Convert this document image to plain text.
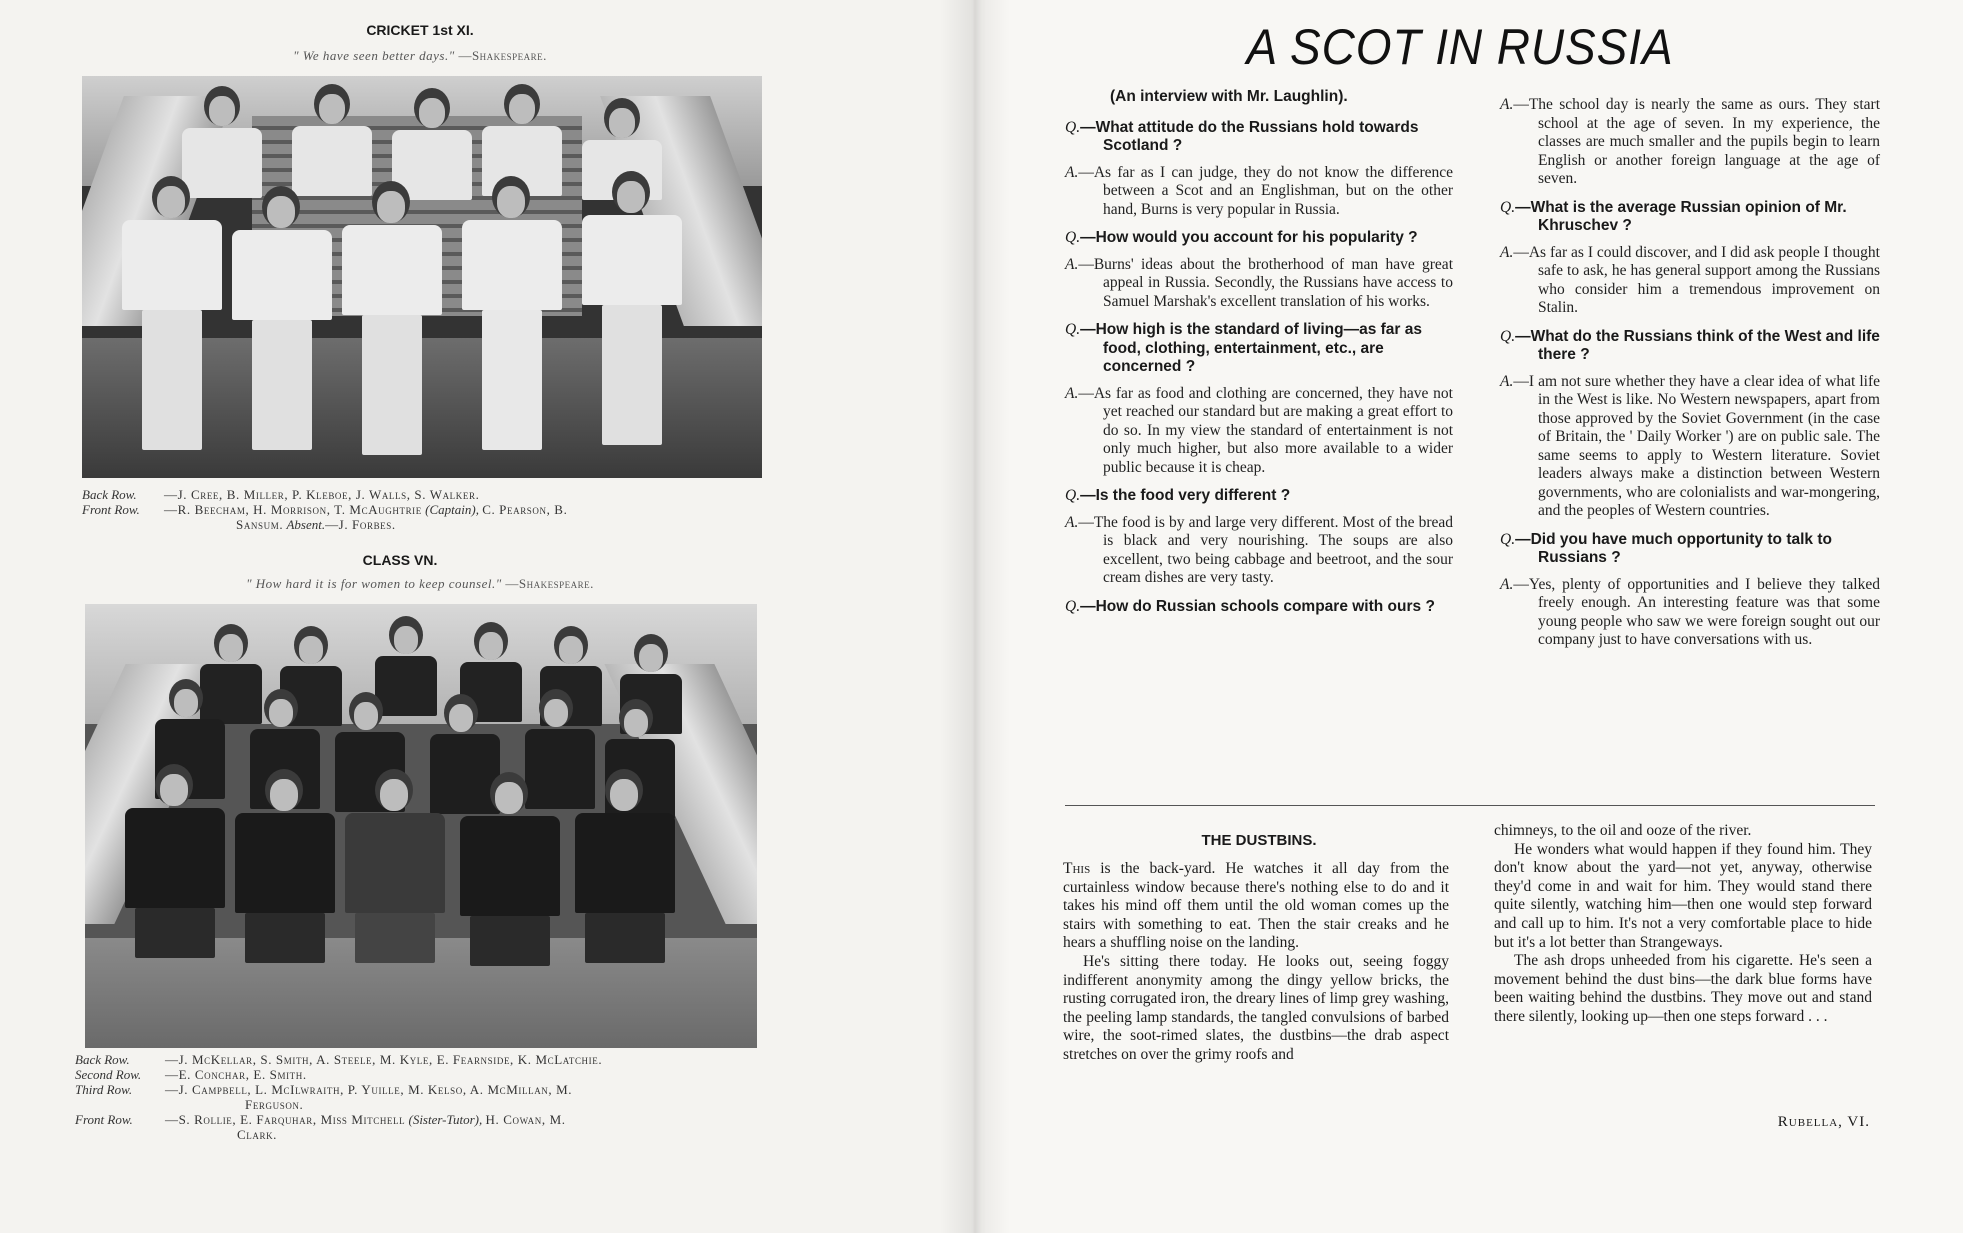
CRICKET 1st XI.
" We have seen better days." —Shakespeare.
Back Row. —J. Cree, B. Miller, P. Kleboe, J. Walls, S. Walker.
Front Row. —R. Beecham, H. Morrison, T. McAughtrie (Captain), C. Pearson, B.
Sansum. Absent.—J. Forbes.
CLASS VN.
" How hard it is for women to keep counsel." —Shakespeare.
Back Row.	—J. McKellar, S. Smith, A. Steele, M. Kyle, E. Fearnside, K. McLatchie.
Second Row. —E. Conchar, E. Smith.
Third Row.	—J. Campbell, L. McIlwraith, P. Yuille, M. Kelso, A. McMillan, M.
Ferguson.
Front Row. —S. Rollie, E. Farquhar, Miss Mitchell (Sister-Tutor), H. Cowan, M.
Clark.
A SCOT IN RUSSIA
(An interview with Mr. Laughlin).
Q.—What attitude do the Russians hold towards Scotland ?
A.—As far as I can judge, they do not know the difference between a Scot and an Englishman, but on the other hand, Burns is very popular in Russia.
Q.—How would you account for his popularity ?
A.—Burns' ideas about the brotherhood of man have great appeal in Russia. Secondly, the Russians have access to Samuel Marshak's excellent translation of his works.
Q.—How high is the standard of living—as far as food, clothing, entertainment, etc., are concerned ?
A.—As far as food and clothing are concerned, they have not yet reached our standard but are making a great effort to do so. In my view the standard of entertainment is not only much higher, but also more available to a wider public because it is cheap.
Q.—Is the food very different ?
A.—The food is by and large very different. Most of the bread is black and very nourishing. The soups are also excellent, two being cabbage and beetroot, and the sour cream dishes are very tasty.
Q.—How do Russian schools compare with ours ?
A.—The school day is nearly the same as ours. They start school at the age of seven. In my experience, the classes are much smaller and the pupils begin to learn English or another foreign language at the age of seven.
Q.—What is the average Russian opinion of Mr. Khruschev ?
A.—As far as I could discover, and I did ask people I thought safe to ask, he has general support among the Russians who consider him a tremendous improvement on Stalin.
Q.—What do the Russians think of the West and life there ?
A.—I am not sure whether they have a clear idea of what life in the West is like. No Western newspapers, apart from those approved by the Soviet Government (in the case of Britain, the ' Daily Worker ') are on public sale. The same seems to apply to Western literature. Soviet leaders always make a distinction between Western governments, who are colonialists and war-mongering, and the peoples of Western countries.
Q.—Did you have much opportunity to talk to Russians ?
A.—Yes, plenty of opportunities and I believe they talked freely enough. An interesting feature was that some young people who saw we were foreign sought out our company just to have conversations with us.
THE DUSTBINS.

This is the back-yard. He watches it all day from the curtainless window because there's nothing else to do and it takes his mind off them until the old woman comes up the stairs with something to eat. Then the stair creaks and he hears a shuffling noise on the landing.

He's sitting there today. He looks out, seeing foggy indifferent anonymity among the dingy yellow bricks, the rusting corrugated iron, the dreary lines of limp grey washing, the peeling lamp standards, the tangled convulsions of barbed wire, the soot-rimed slates, the dustbins—the drab aspect stretches on over the grimy roofs and

chimneys, to the oil and ooze of the river.

He wonders what would happen if they found him. They don't know about the yard—not yet, anyway, otherwise they'd come in and wait for him. They would stand there quite silently, watching him—then one would step forward and call up to him. It's not a very comfortable place to hide but it's a lot better than Strangeways.

The ash drops unheeded from his cigarette. He's seen a movement behind the dust bins—the dark blue forms have been waiting behind the dustbins. They move out and stand there silently, looking up—then one steps forward . . .

Rubella, VI.
